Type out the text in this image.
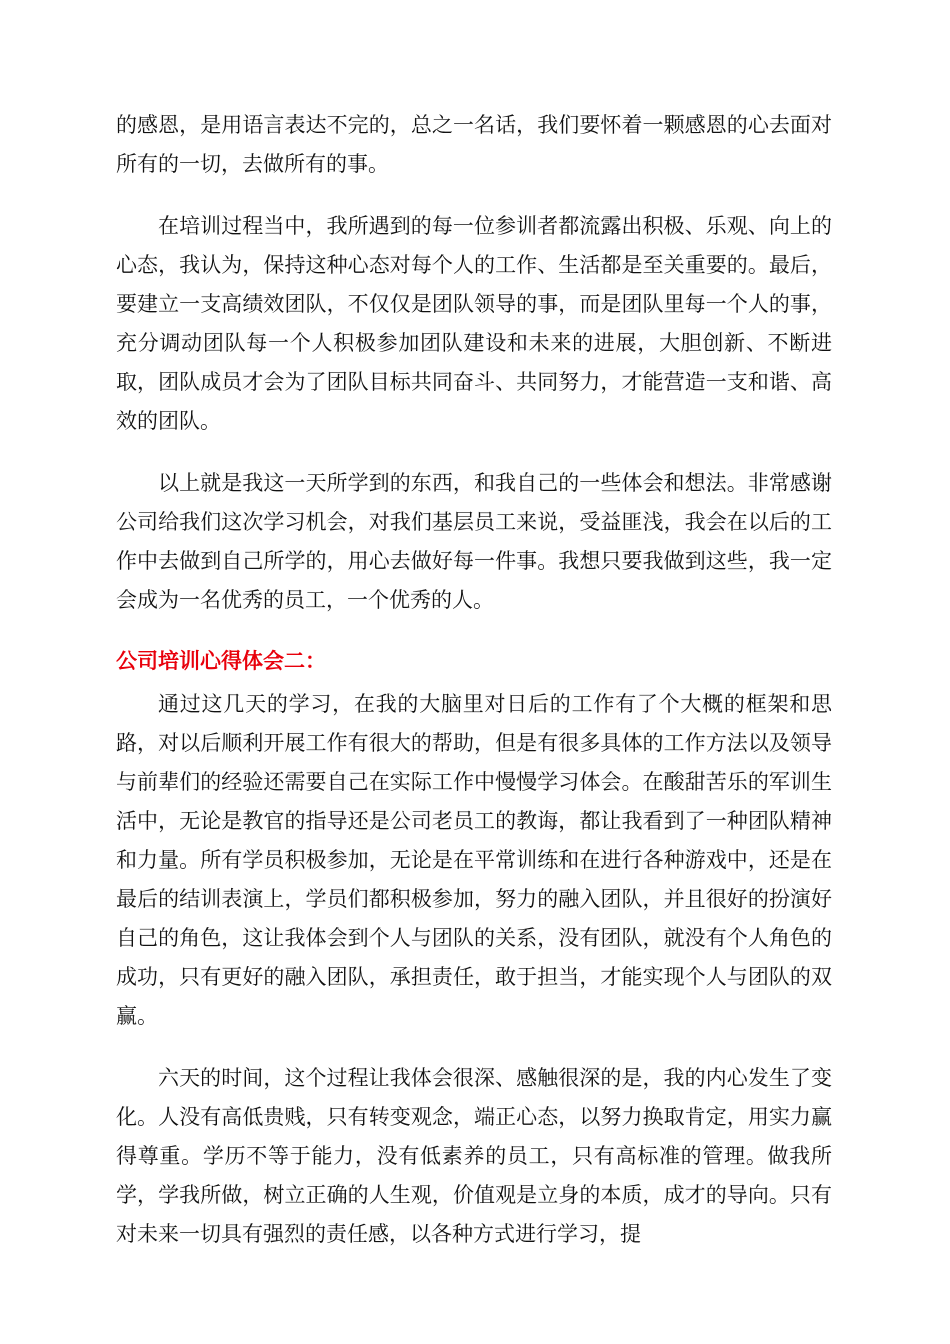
的感恩，是用语言表达不完的，总之一名话，我们要怀着一颗感恩的心去面对所有的一切，去做所有的事。

在培训过程当中，我所遇到的每一位参训者都流露出积极、乐观、向上的心态，我认为，保持这种心态对每个人的工作、生活都是至关重要的。最后，要建立一支高绩效团队，不仅仅是团队领导的事，而是团队里每一个人的事，充分调动团队每一个人积极参加团队建设和未来的进展，大胆创新、不断进取，团队成员才会为了团队目标共同奋斗、共同努力，才能营造一支和谐、高效的团队。

以上就是我这一天所学到的东西，和我自己的一些体会和想法。非常感谢公司给我们这次学习机会，对我们基层员工来说，受益匪浅，我会在以后的工作中去做到自己所学的，用心去做好每一件事。我想只要我做到这些，我一定会成为一名优秀的员工，一个优秀的人。

公司培训心得体会二：

通过这几天的学习，在我的大脑里对日后的工作有了个大概的框架和思路，对以后顺利开展工作有很大的帮助，但是有很多具体的工作方法以及领导与前辈们的经验还需要自己在实际工作中慢慢学习体会。在酸甜苦乐的军训生活中，无论是教官的指导还是公司老员工的教诲，都让我看到了一种团队精神和力量。所有学员积极参加，无论是在平常训练和在进行各种游戏中，还是在最后的结训表演上，学员们都积极参加，努力的融入团队，并且很好的扮演好自己的角色，这让我体会到个人与团队的关系，没有团队，就没有个人角色的成功，只有更好的融入团队，承担责任，敢于担当，才能实现个人与团队的双赢。

六天的时间，这个过程让我体会很深、感触很深的是，我的内心发生了变化。人没有高低贵贱，只有转变观念，端正心态，以努力换取肯定，用实力赢得尊重。学历不等于能力，没有低素养的员工，只有高标准的管理。做我所学，学我所做，树立正确的人生观，价值观是立身的本质，成才的导向。只有对未来一切具有强烈的责任感，以各种方式进行学习，提
